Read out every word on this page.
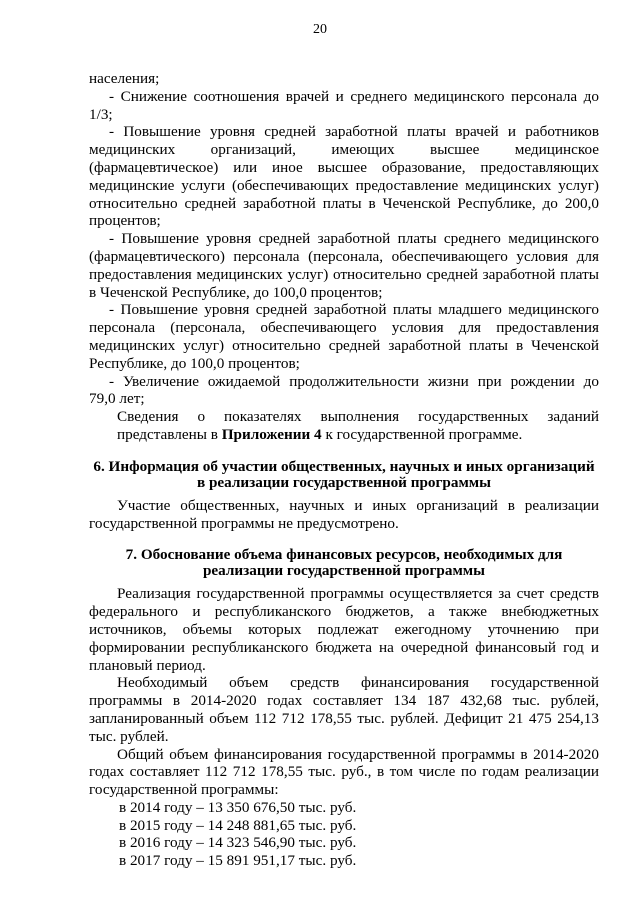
20

населения;

- Снижение соотношения врачей и среднего медицинского персонала до

1/3;

- Повышение уровня средней заработной платы врачей и работников

медицинских организаций, имеющих высшее медицинское

(фармацевтическое) или иное высшее образование, предоставляющих

медицинские услуги (обеспечивающих предоставление медицинских услуг)

относительно средней заработной платы в Чеченской Республике, до 200,0

процентов;

- Повышение уровня средней заработной платы среднего медицинского

(фармацевтического) персонала (персонала, обеспечивающего условия для

предоставления медицинских услуг) относительно средней заработной платы

в Чеченской Республике, до 100,0 процентов;

- Повышение уровня средней заработной платы младшего медицинского

персонала (персонала, обеспечивающего условия для предоставления

медицинских услуг) относительно средней заработной платы в Чеченской

Республике, до 100,0 процентов;

- Увеличение ожидаемой продолжительности жизни при рождении до

79,0 лет;

Сведения о показателях выполнения государственных заданий

представлены в Приложении 4 к государственной программе.

6. Информация об участии общественных, научных и иных организаций
в реализации государственной программы

Участие общественных, научных и иных организаций в реализации

государственной программы не предусмотрено.

7. Обоснование объема финансовых ресурсов, необходимых для
реализации государственной программы

Реализация государственной программы осуществляется за счет средств

федерального и республиканского бюджетов, а также внебюджетных

источников, объемы которых подлежат ежегодному уточнению при

формировании республиканского бюджета на очередной финансовый год и

плановый период.

Необходимый объем средств финансирования государственной

программы в 2014-2020 годах составляет 134 187 432,68 тыс. рублей,

запланированный объем 112 712 178,55 тыс. рублей. Дефицит 21 475 254,13

тыс. рублей.

Общий объем финансирования государственной программы в 2014-2020

годах составляет 112 712 178,55 тыс. руб., в том числе по годам реализации

государственной программы:

в 2014 году – 13 350 676,50 тыс. руб.

в 2015 году – 14 248 881,65 тыс. руб.

в 2016 году – 14 323 546,90 тыс. руб.

в 2017 году – 15 891 951,17 тыс. руб.
